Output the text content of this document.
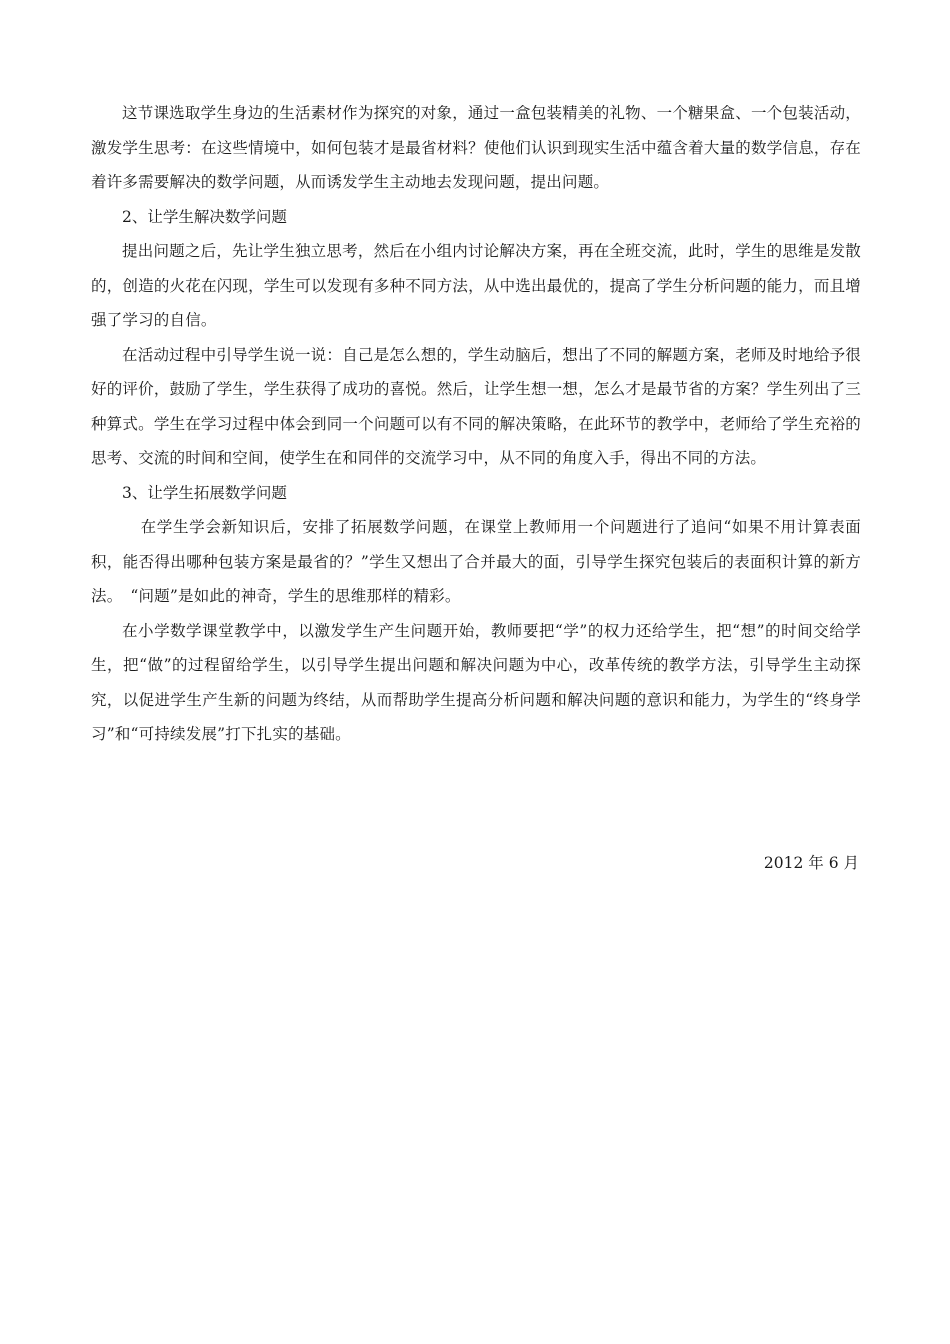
这节课选取学生身边的生活素材作为探究的对象，通过一盒包装精美的礼物、一个糖果盒、一个包装活动，激发学生思考：在这些情境中，如何包装才是最省材料？使他们认识到现实生活中蕴含着大量的数学信息，存在着许多需要解决的数学问题，从而诱发学生主动地去发现问题，提出问题。

2、让学生解决数学问题

提出问题之后，先让学生独立思考，然后在小组内讨论解决方案，再在全班交流，此时，学生的思维是发散的，创造的火花在闪现，学生可以发现有多种不同方法，从中选出最优的，提高了学生分析问题的能力，而且增强了学习的自信。

在活动过程中引导学生说一说：自己是怎么想的，学生动脑后，想出了不同的解题方案，老师及时地给予很好的评价，鼓励了学生，学生获得了成功的喜悦。然后，让学生想一想，怎么才是最节省的方案？学生列出了三种算式。学生在学习过程中体会到同一个问题可以有不同的解决策略，在此环节的教学中，老师给了学生充裕的思考、交流的时间和空间，使学生在和同伴的交流学习中，从不同的角度入手，得出不同的方法。

3、让学生拓展数学问题

在学生学会新知识后，安排了拓展数学问题，在课堂上教师用一个问题进行了追问“如果不用计算表面积，能否得出哪种包装方案是最省的？”学生又想出了合并最大的面，引导学生探究包装后的表面积计算的新方法。　“问题”是如此的神奇，学生的思维那样的精彩。

在小学数学课堂教学中，以激发学生产生问题开始，教师要把“学”的权力还给学生，把“想”的时间交给学生，把“做”的过程留给学生，以引导学生提出问题和解决问题为中心，改革传统的教学方法，引导学生主动探究，以促进学生产生新的问题为终结，从而帮助学生提高分析问题和解决问题的意识和能力，为学生的“终身学习”和“可持续发展”打下扎实的基础。

2012 年 6 月
